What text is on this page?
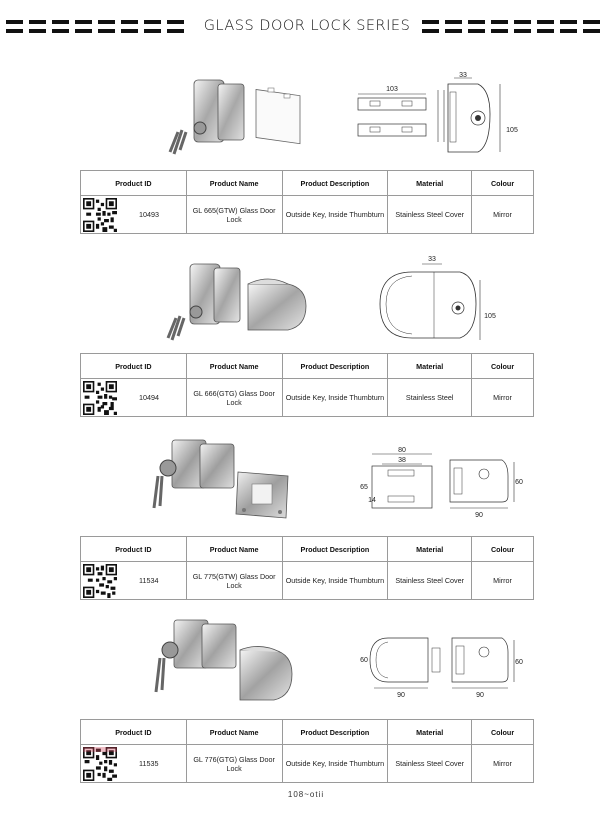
GLASS DOOR LOCK SERIES
103
33
105
Product ID	Product Name	Product Description	Material	Colour

10493	GL 665(GTW) Glass Door Lock	Outside Key, Inside Thumbturn	Stainless Steel Cover	Mirror
33
105
Product ID	Product Name	Product Description	Material	Colour

10494	GL 666(GTG) Glass Door Lock	Outside Key, Inside Thumbturn	Stainless Steel	Mirror
80
38
65
14
60
90
Product ID	Product Name	Product Description	Material	Colour

11534	GL 775(GTW) Glass Door Lock	Outside Key, Inside Thumbturn	Stainless Steel Cover	Mirror
60
90	90
60
Product ID	Product Name	Product Description	Material	Colour

11535	GL 776(GTG) Glass Door Lock	Outside Key, Inside Thumbturn	Stainless Steel Cover	Mirror
108~otii
